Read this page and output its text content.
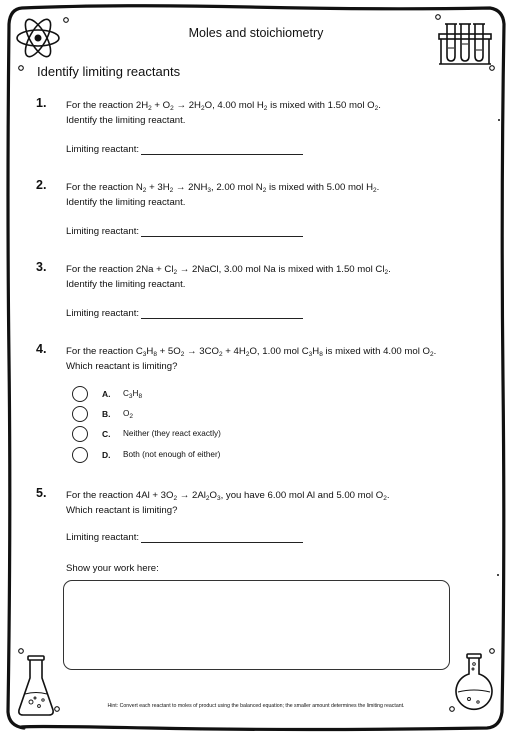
Moles and stoichiometry
Identify limiting reactants
1. For the reaction $2H_2 + O_2 \to 2H_2O$, 4.00 mol $H_2$ is mixed with 1.50 mol $O_2$.
Identify the limiting reactant.
Limiting reactant:
2. For the reaction $N_2 + 3H_2 \to 2NH_3$, 2.00 mol $N_2$ is mixed with 5.00 mol $H_2$.
Identify the limiting reactant.
Limiting reactant:
3. For the reaction $2Na + Cl_2$ → 2NaCl, 3.00 mol Na is mixed with 1.50 mol $Cl_2$.
Identify the limiting reactant.
Limiting reactant:
4. For the reaction $C_3H_8 + 5O_2 \to 3CO_2 + 4H_2O$, 1.00 mol $C_3H_8$ is mixed with 4.00 mol $O_2$.
Which reactant is limiting?
A. $C_3H_8$
B. $O_2$
C. Neither (they react exactly)
D. Both (not enough of either)
5. For the reaction $4Al + 3O_2 \to 2Al_2O_3$, you have 6.00 mol Al and 5.00 mol $O_2$.
Which reactant is limiting?
Limiting reactant:
Show your work here:
Hint: Convert each reactant to moles of product using the balanced equation; the smaller amount determines the limiting reactant.
